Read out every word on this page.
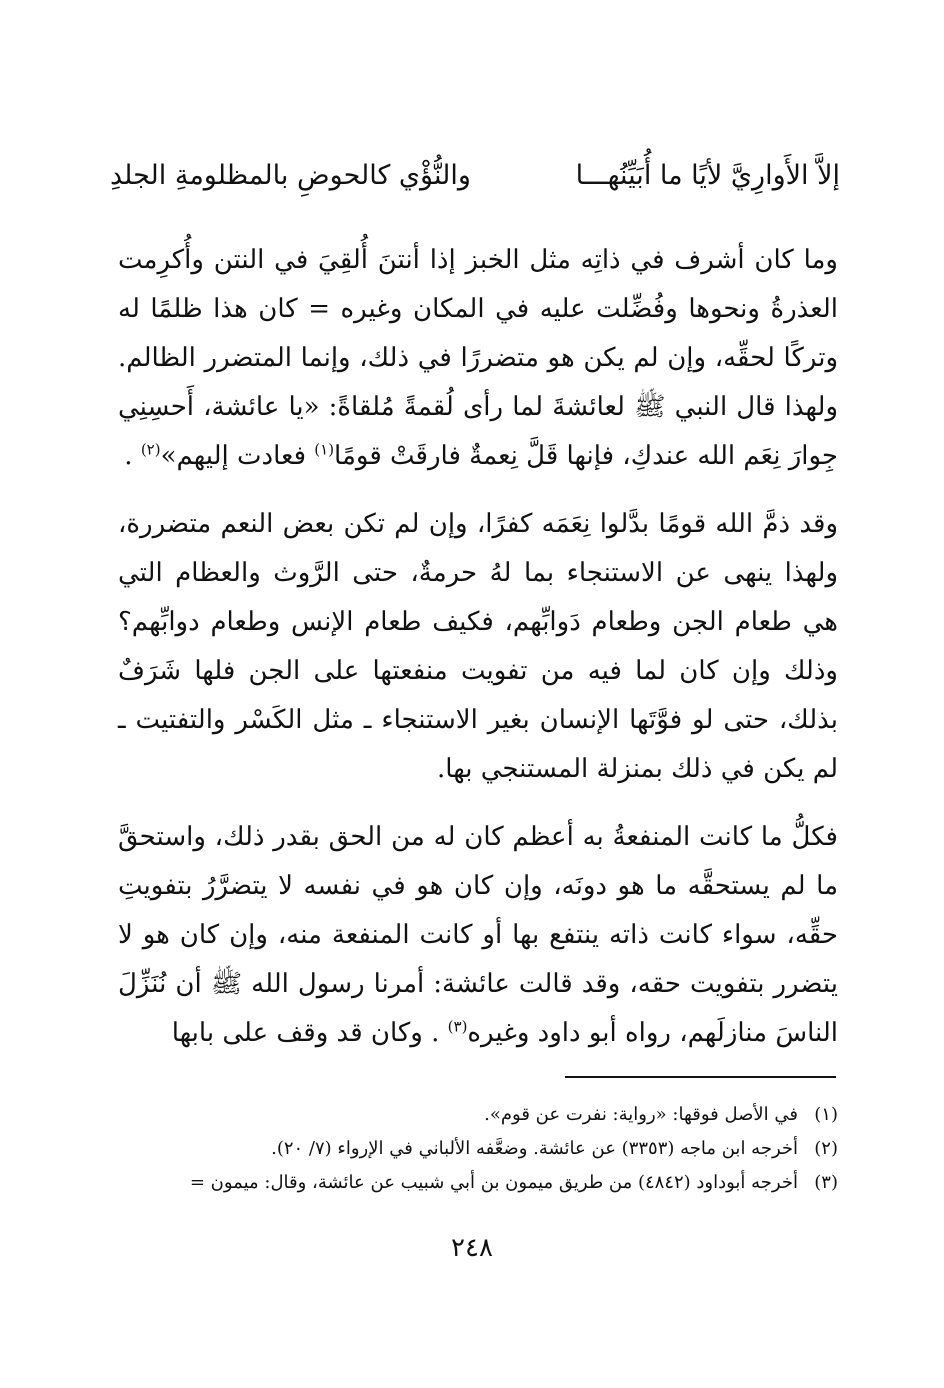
إلاَّ الأَوارِيَّ لأيًا ما أُبَيِّنُهـــا
والنُّؤْي كالحوضِ بالمظلومةِ الجلدِ

وما كان أشرف في ذاتِه مثل الخبز إذا أنتنَ أُلقِيَ في النتن وأُكرِمت العذرةُ ونحوها وفُضِّلت عليه في المكان وغيره = كان هذا ظلمًا له وتركًا لحقِّه، وإن لم يكن هو متضررًا في ذلك، وإنما المتضرر الظالم. ولهذا قال النبي ﷺ لعائشةَ لما رأى لُقمةً مُلقاةً: «يا عائشة، أَحسِنِي جِوارَ نِعَم الله عندكِ، فإنها قَلَّ نِعمةٌ فارقَتْ قومًا$^{(١)}$ فعادت إليهم»$^{(٢)}$ .

وقد ذمَّ الله قومًا بدَّلوا نِعَمَه كفرًا، وإن لم تكن بعض النعم متضررة، ولهذا ينهى عن الاستنجاء بما لهُ حرمةٌ، حتى الرَّوث والعظام التي هي طعام الجن وطعام دَوابِّهم، فكيف طعام الإنس وطعام دوابِّهم؟ وذلك وإن كان لما فيه من تفويت منفعتها على الجن فلها شَرَفٌ بذلك، حتى لو فوَّتَها الإنسان بغير الاستنجاء ـ مثل الكَسْر والتفتيت ـ لم يكن في ذلك بمنزلة المستنجي بها.

فكلُّ ما كانت المنفعةُ به أعظم كان له من الحق بقدر ذلك، واستحقَّ ما لم يستحقَّه ما هو دونَه، وإن كان هو في نفسه لا يتضرَّرُ بتفويتِ حقِّه، سواء كانت ذاته ينتفع بها أو كانت المنفعة منه، وإن كان هو لا يتضرر بتفويت حقه، وقد قالت عائشة: أمرنا رسول الله ﷺ أن نُنَزِّلَ الناسَ منازلَهم، رواه أبو داود وغيره$^{(٣)}$ . وكان قد وقف على بابها

(١)
في الأصل فوقها: «رواية: نفرت عن قوم».
(٢)
أخرجه ابن ماجه (٣٣٥٣) عن عائشة. وضعَّفه الألباني في الإرواء (٧/ ٢٠).
(٣)
أخرجه أبوداود (٤٨٤٢) من طريق ميمون بن أبي شبيب عن عائشة، وقال: ميمون =
٢٤٨
